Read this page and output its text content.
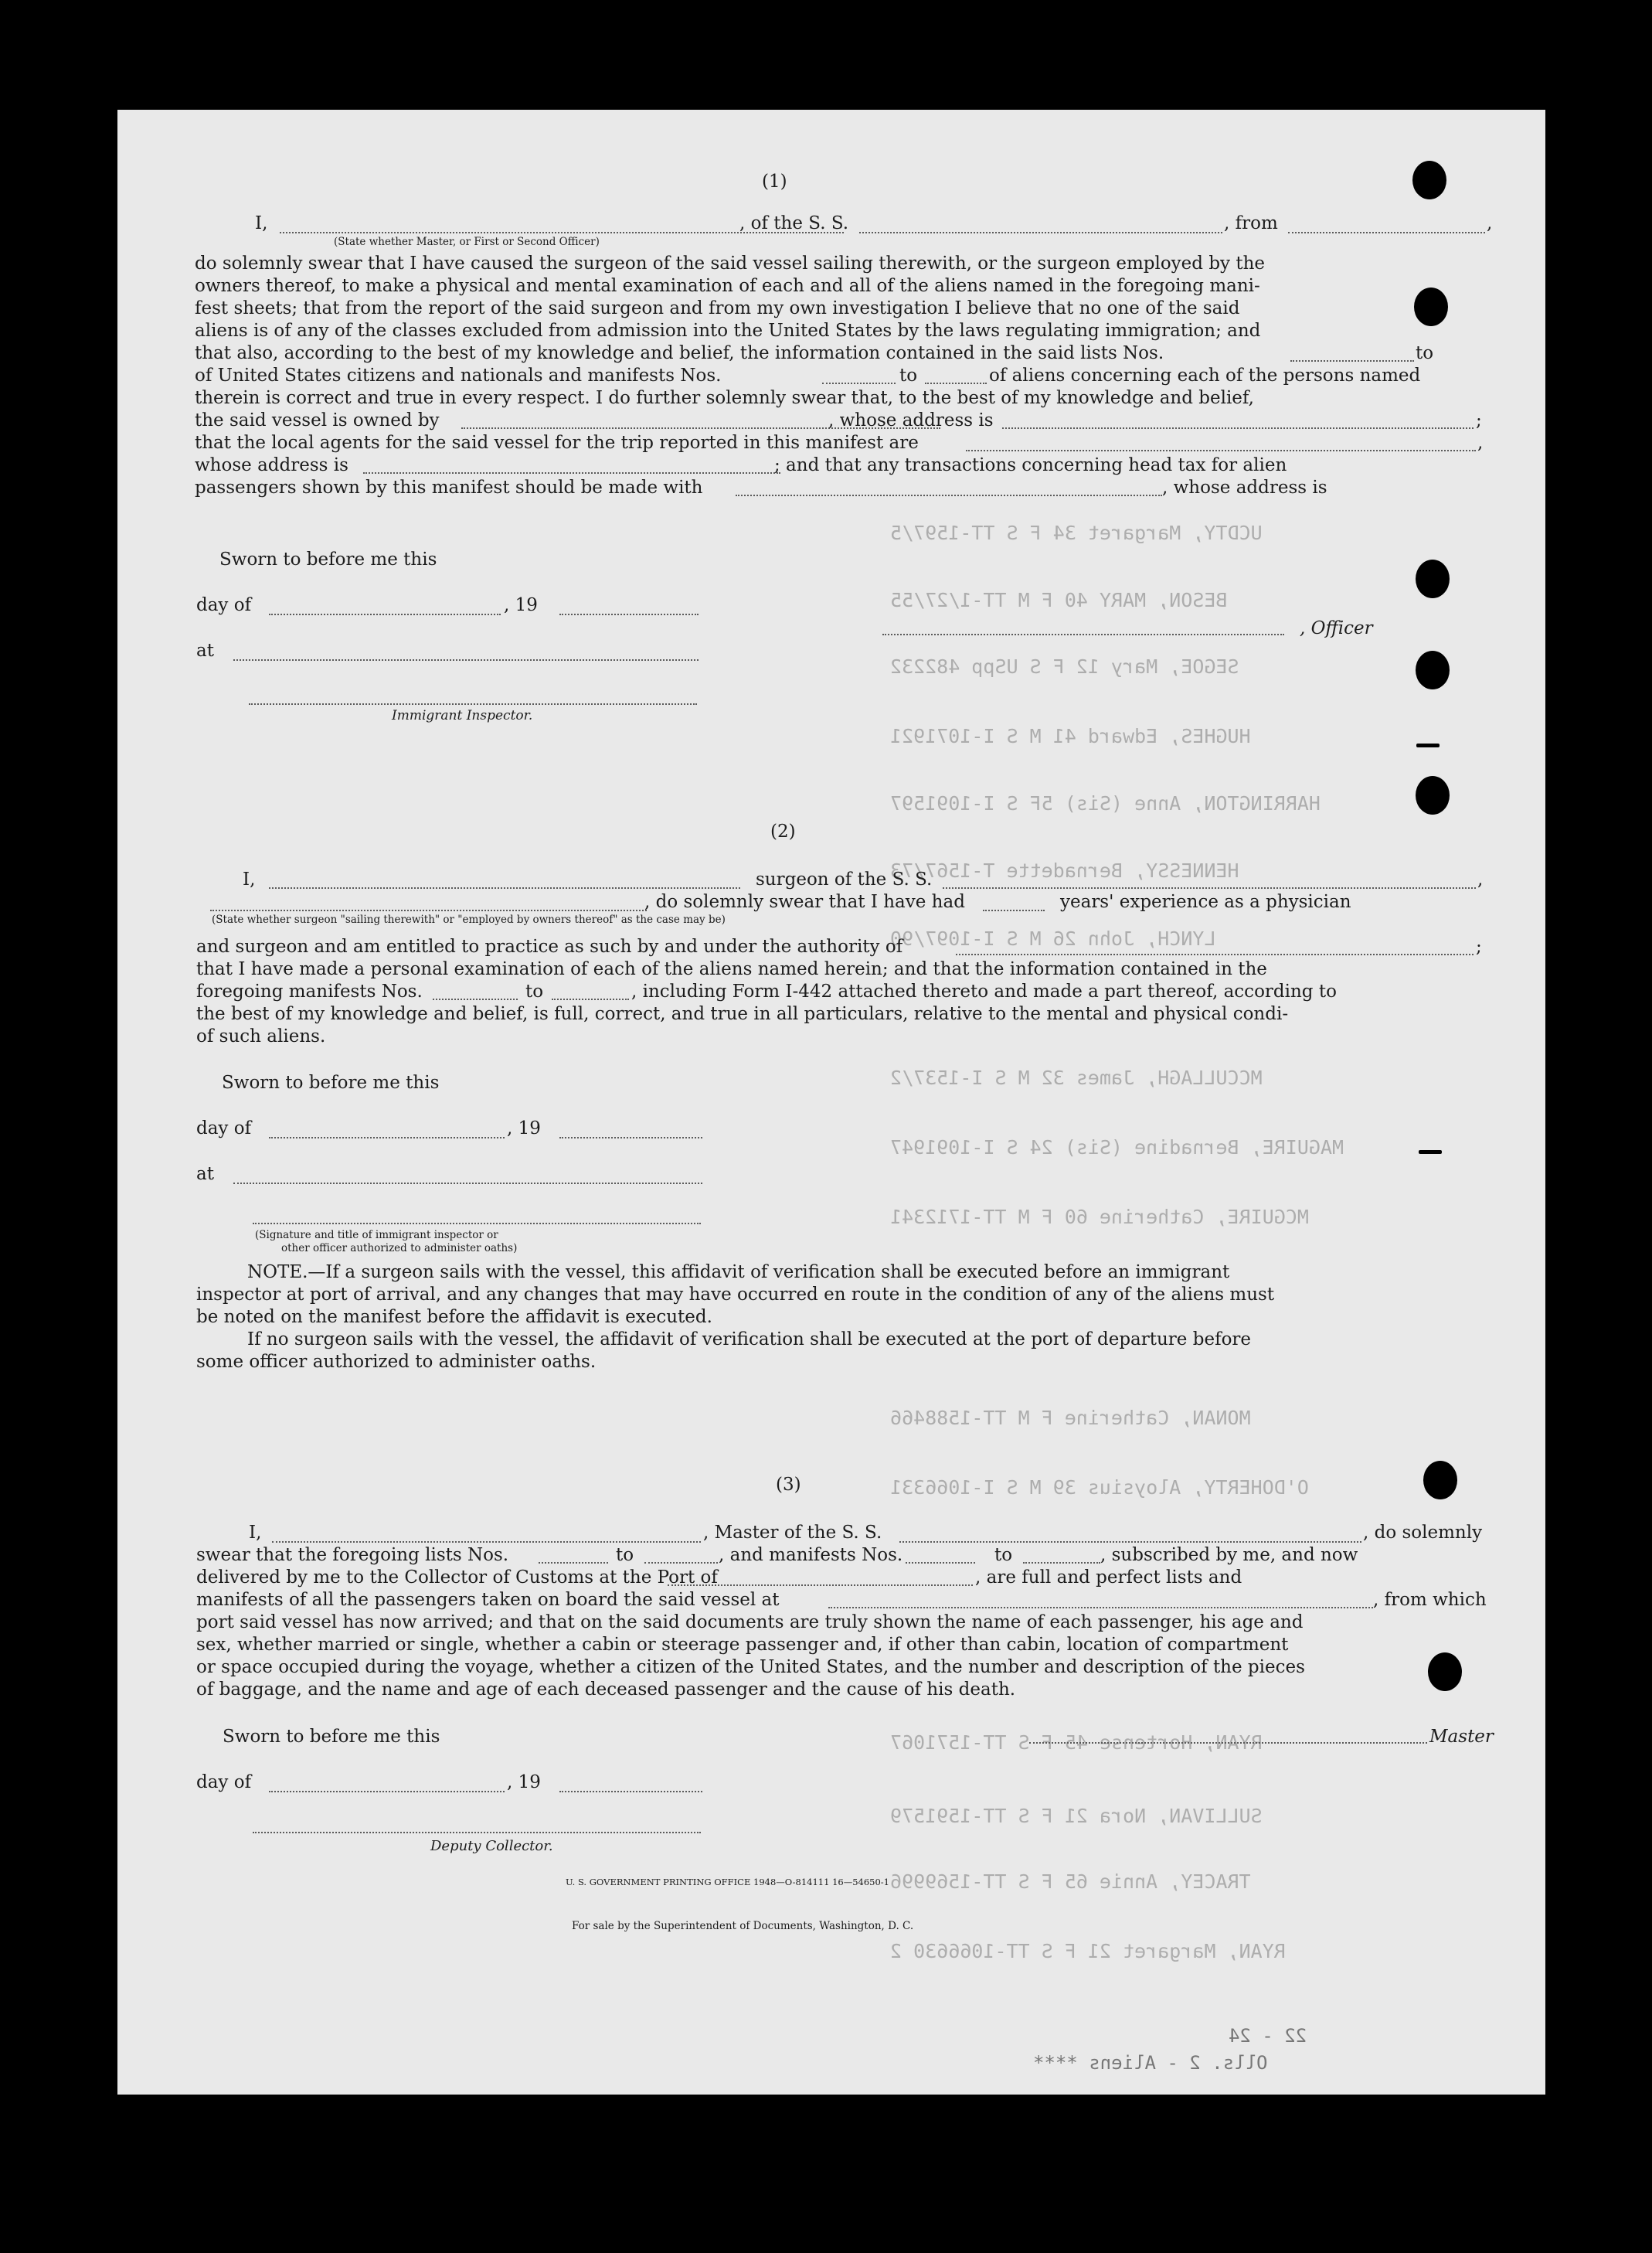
UCDTY, Margaret 34 F S TT-1597/5
BESON, MARY 40 F M TT-1/27/55
SEGOE, Mary 12 F S USpp 482232
HUGHES, Edward 41 M S I-1071921
HARRINGTON, Anne (Sis) 5F S I-1091597
HENNESSY, Bernadette T-1567/73
LYNCH, John 26 M S I-1097/90
MCCULLAGH, James 32 M S I-1537/2
MAGUIRE, Bernadine (Sis) 24 S I-1091947
MCGUIRE, Catherine 60 F M TT-1712341
MONAN, Catherine F M TT-1588466
O'DOHERTY, Aloysius 39 M S I-1066331
RYAN, Hortense 45 F S TT-1571067
SULLIVAN, Nora 21 F S TT-1591579
TRACEY, Annie 65 F S TT-1569996
RYAN, Margaret 21 F S TT-1066630 2
(1)
I,	, of the S. S.	, from	,
(State whether Master, or First or Second Officer)
do solemnly swear that I have caused the surgeon of the said vessel sailing therewith, or the surgeon employed by the
owners thereof, to make a physical and mental examination of each and all of the aliens named in the foregoing mani-
fest sheets; that from the report of the said surgeon and from my own investigation I believe that no one of the said
aliens is of any of the classes excluded from admission into the United States by the laws regulating immigration; and
that also, according to the best of my knowledge and belief, the information contained in the said lists Nos.	to
of United States citizens and nationals and manifests Nos.	to	of aliens concerning each of the persons named
therein is correct and true in every respect. I do further solemnly swear that, to the best of my knowledge and belief,
the said vessel is owned by	, whose address is	;
that the local agents for the said vessel for the trip reported in this manifest are	,
whose address is	; and that any transactions concerning head tax for alien
passengers shown by this manifest should be made with	, whose address is
Sworn to before me this
day of	, 19
at
, Officer
Immigrant Inspector.
(2)
I,	surgeon of the S. S.	,
, do solemnly swear that I have had	years' experience as a physician
(State whether surgeon "sailing therewith" or "employed by owners thereof" as the case may be)
and surgeon and am entitled to practice as such by and under the authority of	;
that I have made a personal examination of each of the aliens named herein; and that the information contained in the
foregoing manifests Nos.	to	, including Form I-442 attached thereto and made a part thereof, according to
the best of my knowledge and belief, is full, correct, and true in all particulars, relative to the mental and physical condi-
of such aliens.
Sworn to before me this
day of	, 19
at
(Signature and title of immigrant inspector or
other officer authorized to administer oaths)
NOTE.—If a surgeon sails with the vessel, this affidavit of verification shall be executed before an immigrant
inspector at port of arrival, and any changes that may have occurred en route in the condition of any of the aliens must
be noted on the manifest before the affidavit is executed.
If no surgeon sails with the vessel, the affidavit of verification shall be executed at the port of departure before
some officer authorized to administer oaths.
(3)
I,	, Master of the S. S.	, do solemnly
swear that the foregoing lists Nos.	to	, and manifests Nos.	to	, subscribed by me, and now
delivered by me to the Collector of Customs at the Port of	, are full and perfect lists and
manifests of all the passengers taken on board the said vessel at	, from which
port said vessel has now arrived; and that on the said documents are truly shown the name of each passenger, his age and
sex, whether married or single, whether a cabin or steerage passenger and, if other than cabin, location of compartment
or space occupied during the voyage, whether a citizen of the United States, and the number and description of the pieces
of baggage, and the name and age of each deceased passenger and the cause of his death.
Sworn to before me this	Master
day of	, 19
Deputy Collector.
U. S. GOVERNMENT PRINTING OFFICE 1948—O-814111 16—54650-1
For sale by the Superintendent of Documents, Washington, D. C.
22 - 24
Olls. 2 - Aliens ****
